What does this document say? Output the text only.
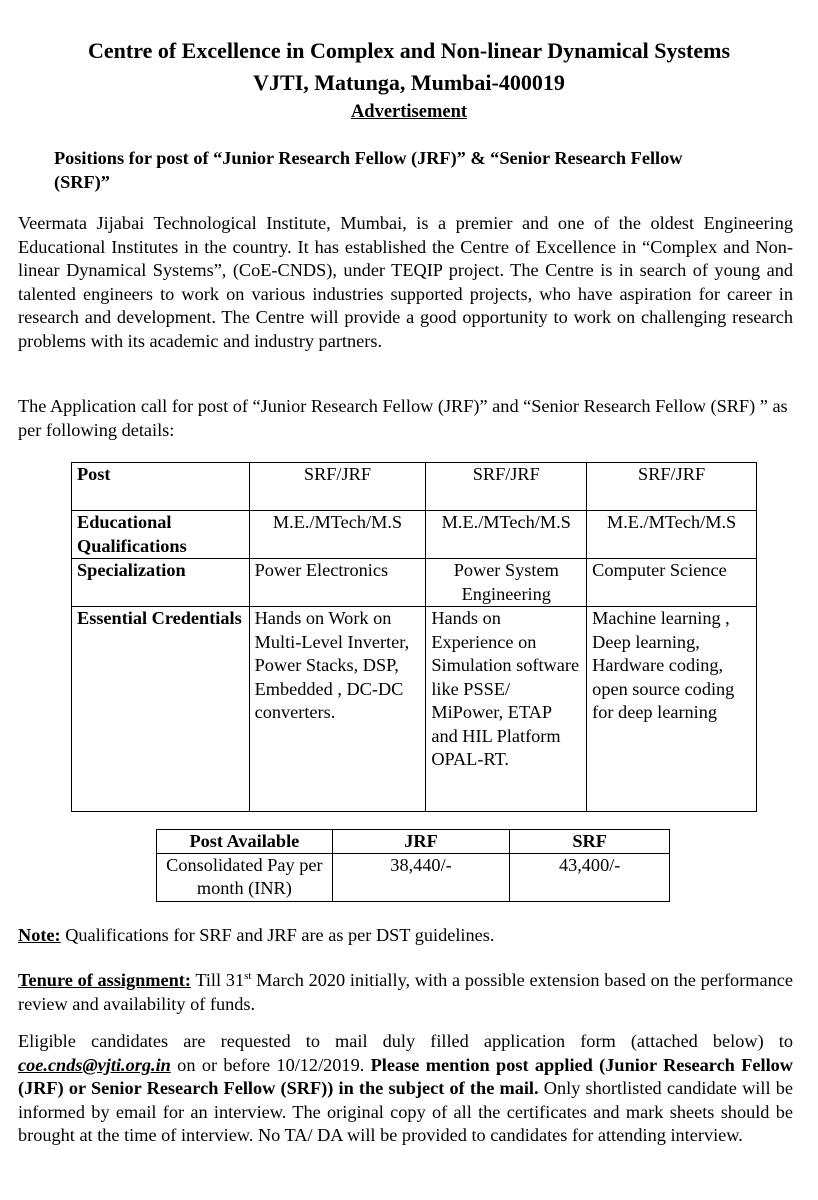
Centre of Excellence in Complex and Non-linear Dynamical Systems
VJTI, Matunga, Mumbai-400019
Advertisement
Positions for post of “Junior Research Fellow (JRF)” & “Senior Research Fellow
(SRF)”

Veermata Jijabai Technological Institute, Mumbai, is a premier and one of the oldest Engineering Educational Institutes in the country. It has established the Centre of Excellence in “Complex and Non-linear Dynamical Systems”, (CoE-CNDS), under TEQIP project. The Centre is in search of young and talented engineers to work on various industries supported projects, who have aspiration for career in research and development. The Centre will provide a good opportunity to work on challenging research problems with its academic and industry partners.

The Application call for post of “Junior Research Fellow (JRF)” and “Senior Research Fellow (SRF) ” as per following details:

Post	SRF/JRF	SRF/JRF	SRF/JRF
Educational Qualifications	M.E./MTech/M.S	M.E./MTech/M.S	M.E./MTech/M.S
Specialization	Power Electronics	Power System Engineering	Computer Science
Essential Credentials	Hands on Work on Multi-Level Inverter, Power Stacks, DSP, Embedded , DC-DC converters.	Hands on Experience on Simulation software like PSSE/ MiPower, ETAP and HIL Platform OPAL-RT.	Machine learning , Deep learning, Hardware coding, open source coding for deep learning
Post Available	JRF	SRF
Consolidated Pay per month (INR)	38,440/-	43,400/-

Note: Qualifications for SRF and JRF are as per DST guidelines.

Tenure of assignment: Till 31st March 2020 initially, with a possible extension based on the performance review and availability of funds.

Eligible candidates are requested to mail duly filled application form (attached below) to coe.cnds@vjti.org.in on or before 10/12/2019. Please mention post applied (Junior Research Fellow (JRF) or Senior Research Fellow (SRF)) in the subject of the mail. Only shortlisted candidate will be informed by email for an interview. The original copy of all the certificates and mark sheets should be brought at the time of interview. No TA/ DA will be provided to candidates for attending interview.
